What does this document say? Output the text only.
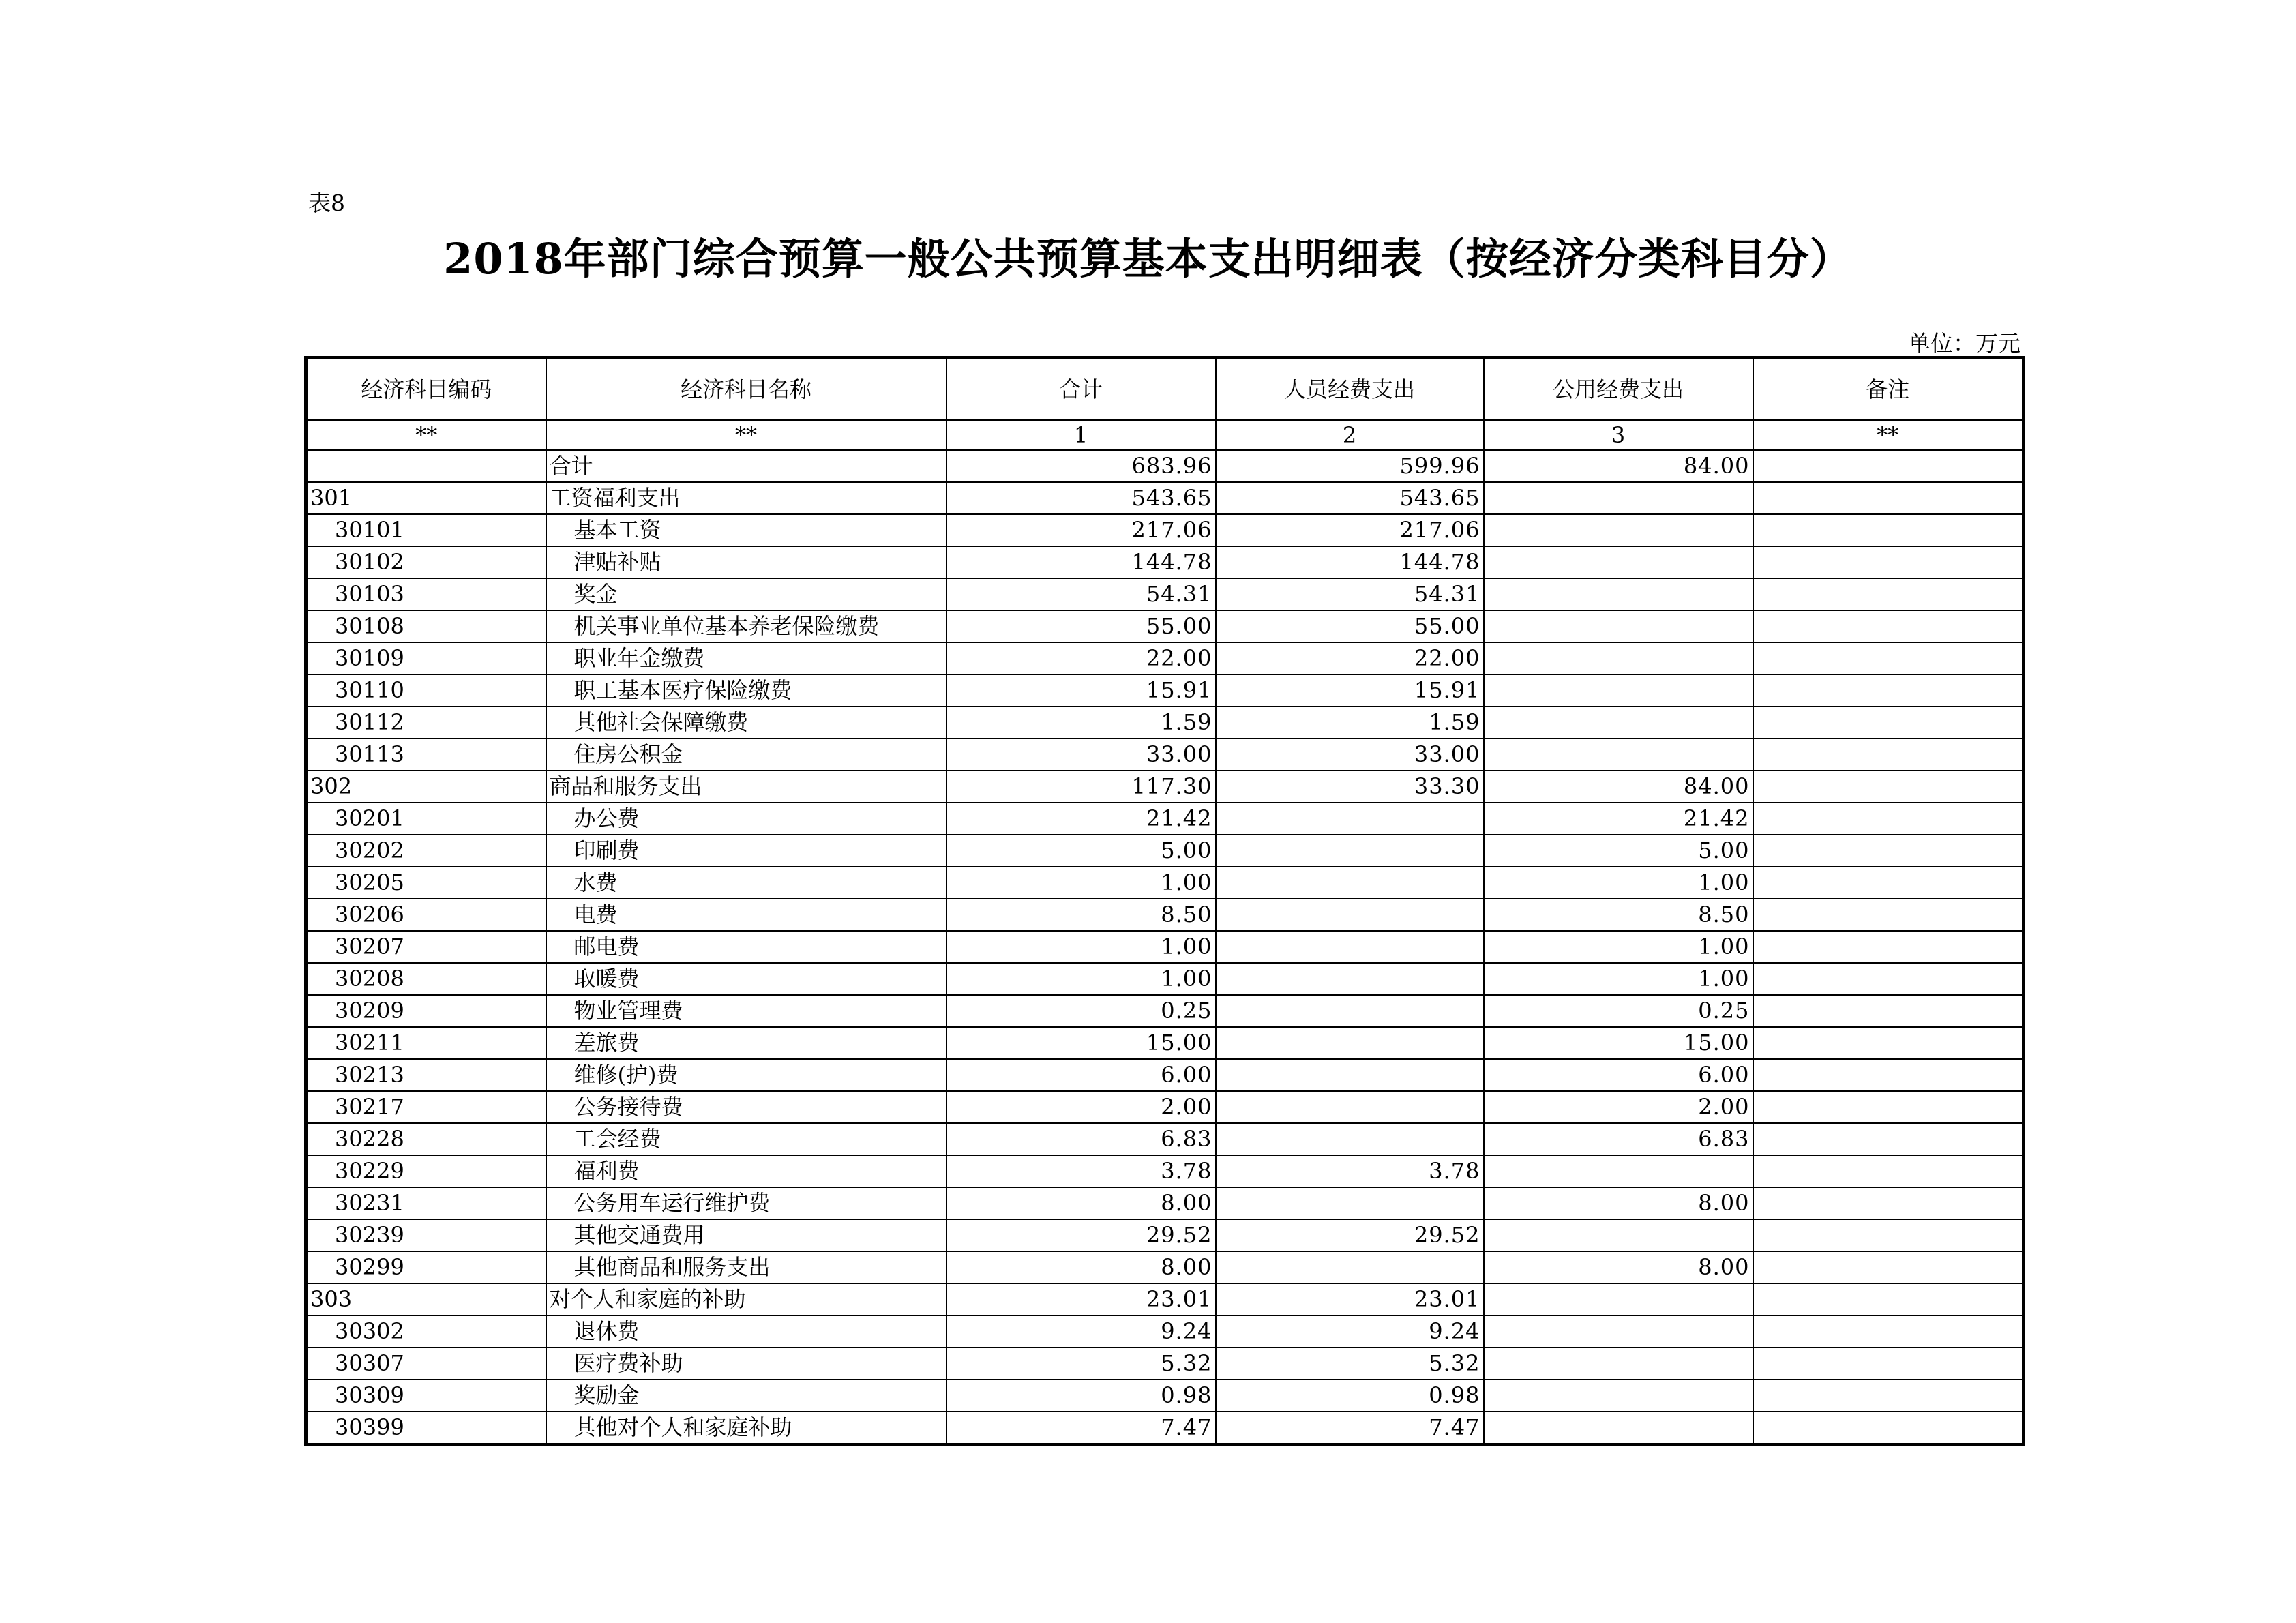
表8
2018年部门综合预算一般公共预算基本支出明细表（按经济分类科目分）
单位：万元
经济科目编码	经济科目名称	合计	人员经费支出	公用经费支出	备注
**	**	1	2	3	**
	合计	683.96	599.96	84.00	
301	工资福利支出	543.65	543.65		
30101	基本工资	217.06	217.06		
30102	津贴补贴	144.78	144.78		
30103	奖金	54.31	54.31		
30108	机关事业单位基本养老保险缴费	55.00	55.00		
30109	职业年金缴费	22.00	22.00		
30110	职工基本医疗保险缴费	15.91	15.91		
30112	其他社会保障缴费	1.59	1.59		
30113	住房公积金	33.00	33.00		
302	商品和服务支出	117.30	33.30	84.00	
30201	办公费	21.42		21.42	
30202	印刷费	5.00		5.00	
30205	水费	1.00		1.00	
30206	电费	8.50		8.50	
30207	邮电费	1.00		1.00	
30208	取暖费	1.00		1.00	
30209	物业管理费	0.25		0.25	
30211	差旅费	15.00		15.00	
30213	维修(护)费	6.00		6.00	
30217	公务接待费	2.00		2.00	
30228	工会经费	6.83		6.83	
30229	福利费	3.78	3.78		
30231	公务用车运行维护费	8.00		8.00	
30239	其他交通费用	29.52	29.52		
30299	其他商品和服务支出	8.00		8.00	
303	对个人和家庭的补助	23.01	23.01		
30302	退休费	9.24	9.24		
30307	医疗费补助	5.32	5.32		
30309	奖励金	0.98	0.98		
30399	其他对个人和家庭补助	7.47	7.47		
